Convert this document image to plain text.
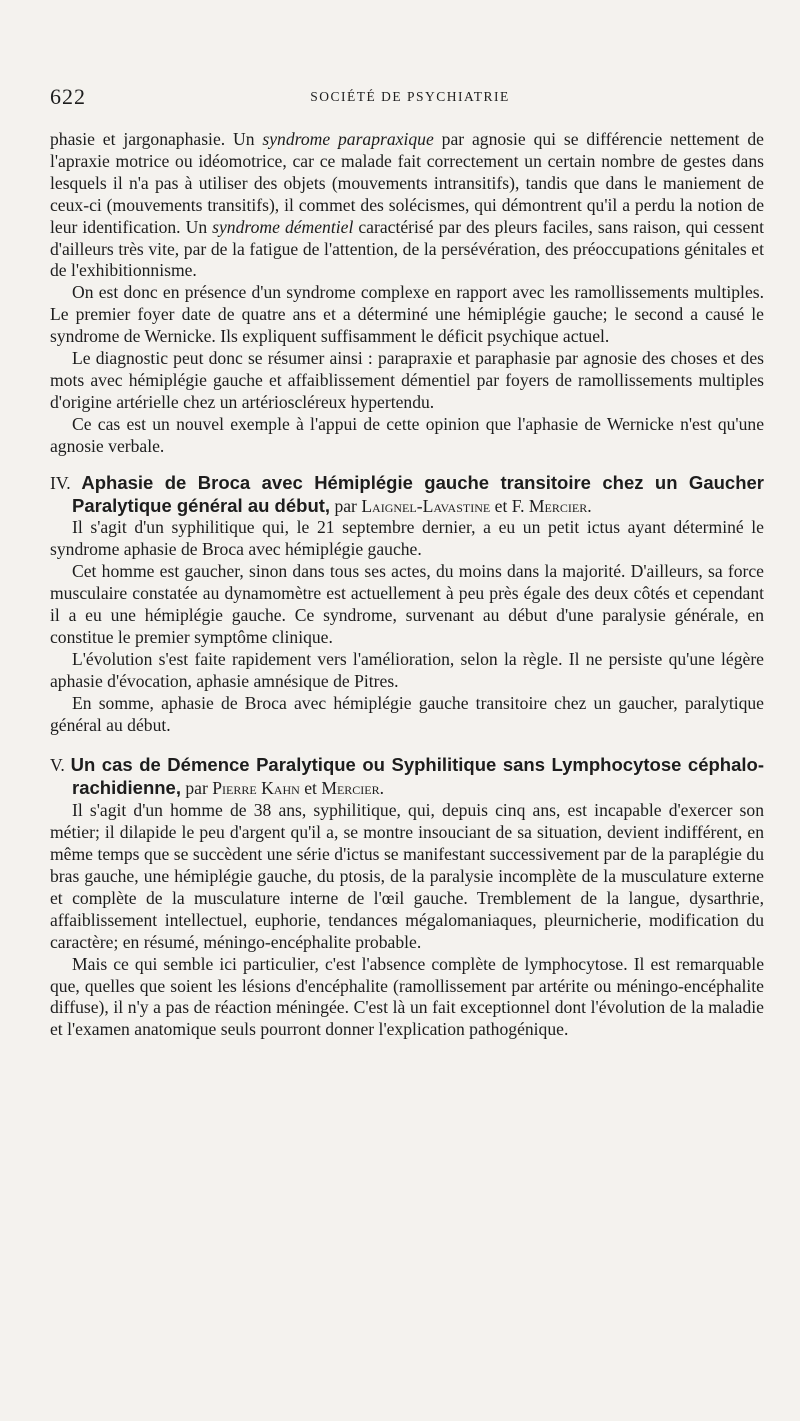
622	SOCIÉTÉ DE PSYCHIATRIE

phasie et jargonaphasie. Un syndrome parapraxique par agnosie qui se différencie nettement de l'apraxie motrice ou idéomotrice, car ce malade fait correctement un certain nombre de gestes dans lesquels il n'a pas à utiliser des objets (mouvements intransitifs), tandis que dans le maniement de ceux-ci (mouvements transitifs), il commet des solécismes, qui démontrent qu'il a perdu la notion de leur identification. Un syndrome démentiel caractérisé par des pleurs faciles, sans raison, qui cessent d'ailleurs très vite, par de la fatigue de l'attention, de la persévération, des préoccupations génitales et de l'exhibitionnisme.

On est donc en présence d'un syndrome complexe en rapport avec les ramollissements multiples. Le premier foyer date de quatre ans et a déterminé une hémiplégie gauche; le second a causé le syndrome de Wernicke. Ils expliquent suffisamment le déficit psychique actuel.

Le diagnostic peut donc se résumer ainsi : parapraxie et paraphasie par agnosie des choses et des mots avec hémiplégie gauche et affaiblissement démentiel par foyers de ramollissements multiples d'origine artérielle chez un artérioscléreux hypertendu.

Ce cas est un nouvel exemple à l'appui de cette opinion que l'aphasie de Wernicke n'est qu'une agnosie verbale.

IV. Aphasie de Broca avec Hémiplégie gauche transitoire chez un Gaucher Paralytique général au début, par Laignel-Lavastine et F. Mercier.

Il s'agit d'un syphilitique qui, le 21 septembre dernier, a eu un petit ictus ayant déterminé le syndrome aphasie de Broca avec hémiplégie gauche.

Cet homme est gaucher, sinon dans tous ses actes, du moins dans la majorité. D'ailleurs, sa force musculaire constatée au dynamomètre est actuellement à peu près égale des deux côtés et cependant il a eu une hémiplégie gauche. Ce syndrome, survenant au début d'une paralysie générale, en constitue le premier symptôme clinique.

L'évolution s'est faite rapidement vers l'amélioration, selon la règle. Il ne persiste qu'une légère aphasie d'évocation, aphasie amnésique de Pitres.

En somme, aphasie de Broca avec hémiplégie gauche transitoire chez un gaucher, paralytique général au début.

V. Un cas de Démence Paralytique ou Syphilitique sans Lymphocytose céphalo-rachidienne, par Pierre Kahn et Mercier.

Il s'agit d'un homme de 38 ans, syphilitique, qui, depuis cinq ans, est incapable d'exercer son métier; il dilapide le peu d'argent qu'il a, se montre insouciant de sa situation, devient indifférent, en même temps que se succèdent une série d'ictus se manifestant successivement par de la paraplégie du bras gauche, une hémiplégie gauche, du ptosis, de la paralysie incomplète de la musculature externe et complète de la musculature interne de l'œil gauche. Tremblement de la langue, dysarthrie, affaiblissement intellectuel, euphorie, tendances mégalomaniaques, pleurnicherie, modification du caractère; en résumé, méningo-encéphalite probable.

Mais ce qui semble ici particulier, c'est l'absence complète de lymphocytose. Il est remarquable que, quelles que soient les lésions d'encéphalite (ramollissement par artérite ou méningo-encéphalite diffuse), il n'y a pas de réaction méningée. C'est là un fait exceptionnel dont l'évolution de la maladie et l'examen anatomique seuls pourront donner l'explication pathogénique.
